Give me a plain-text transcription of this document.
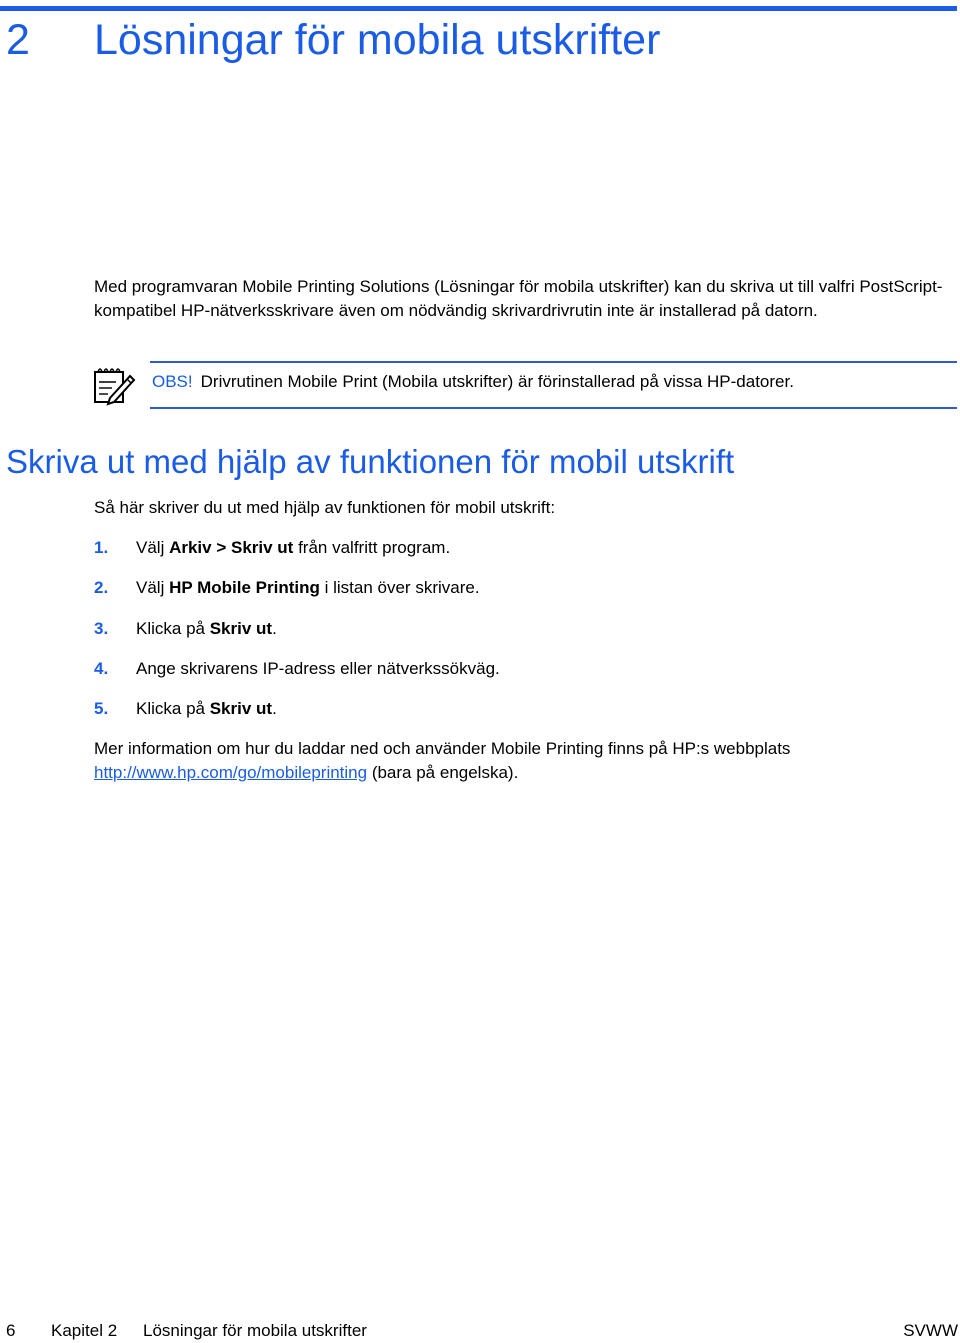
2 Lösningar för mobila utskrifter

Med programvaran Mobile Printing Solutions (Lösningar för mobila utskrifter) kan du skriva ut till valfri PostScript-kompatibel HP-nätverksskrivare även om nödvändig skrivardrivrutin inte är installerad på datorn.

OBS! Drivrutinen Mobile Print (Mobila utskrifter) är förinstallerad på vissa HP-datorer.
Skriva ut med hjälp av funktionen för mobil utskrift

Så här skriver du ut med hjälp av funktionen för mobil utskrift:

1. Välj Arkiv > Skriv ut från valfritt program.
2. Välj HP Mobile Printing i listan över skrivare.
3. Klicka på Skriv ut.
4. Ange skrivarens IP-adress eller nätverkssökväg.
5. Klicka på Skriv ut.

Mer information om hur du laddar ned och använder Mobile Printing finns på HP:s webbplats
http://www.hp.com/go/mobileprinting (bara på engelska).

6 Kapitel 2 Lösningar för mobila utskrifter	SVWW
